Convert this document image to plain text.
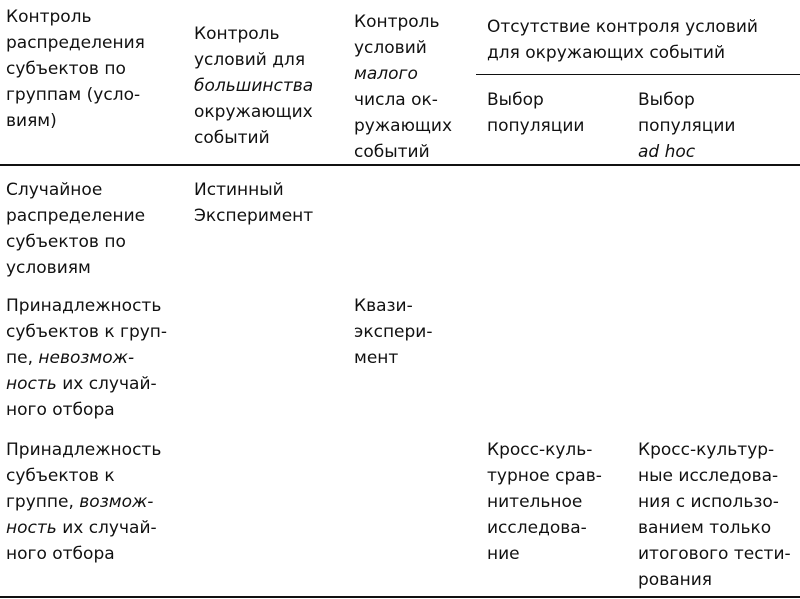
Контроль
распределения
субъектов по
группам (усло-
виям)
Контроль
условий для
большинства
окружающих
событий
Контроль
условий
малого
числа ок-
ружающих
событий
Отсутствие контроля условий
для окружающих событий
Выбор
популяции
Выбор
популяции
ad hoc
Случайное
распределение
субъектов по
условиям
Истинный
Эксперимент
Принадлежность
субъектов к груп-
пе, невозмож-
ность их случай-
ного отбора
Квази-
экспери-
мент
Принадлежность
субъектов к
группе, возмож-
ность их случай-
ного отбора
Кросс-куль-
турное срав-
нительное
исследова-
ние
Кросс-культур-
ные исследова-
ния с использо-
ванием только
итогового тести-
рования
